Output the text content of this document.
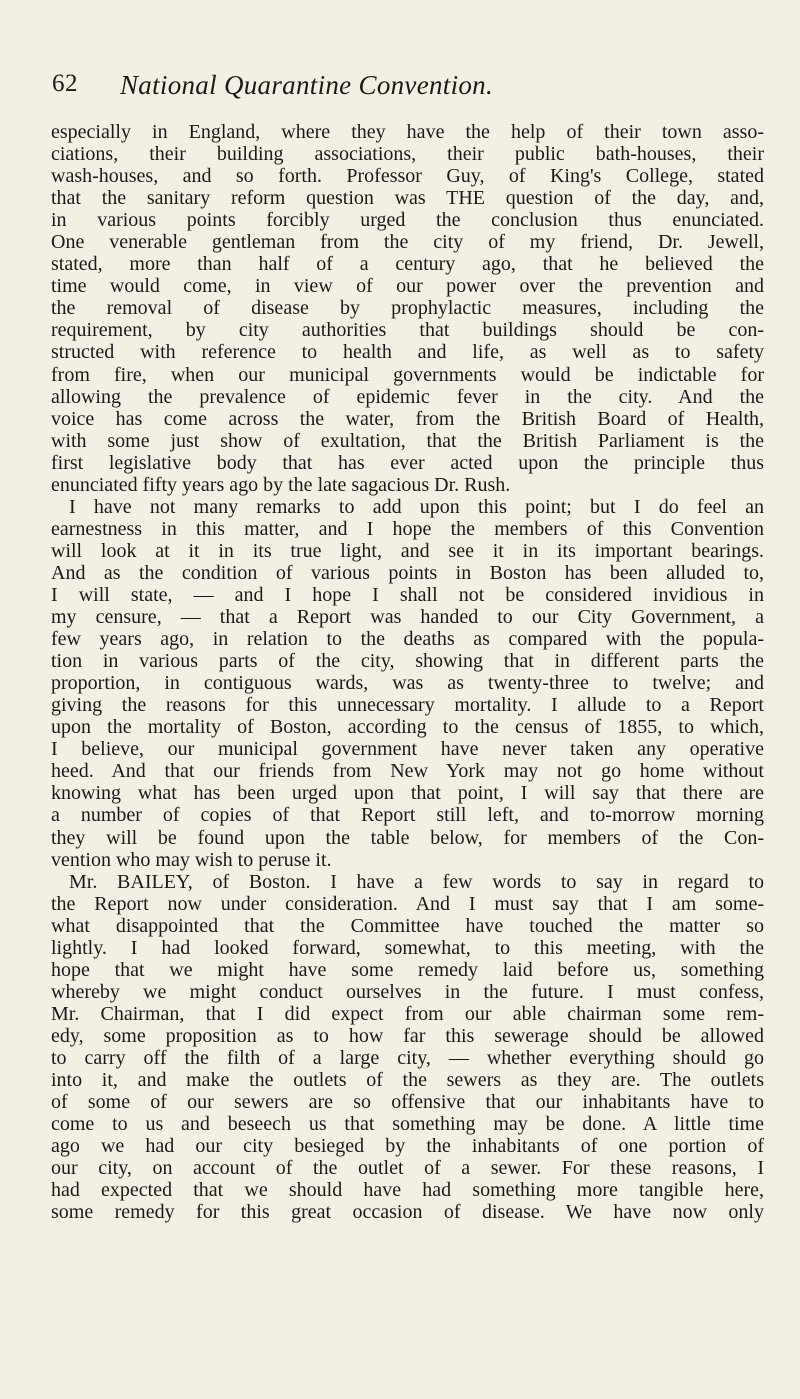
62 National Quarantine Convention.
especially in England, where they have the help of their town asso-
ciations, their building associations, their public bath-houses, their
wash-houses, and so forth. Professor Guy, of King's College, stated
that the sanitary reform question was THE question of the day, and,
in various points forcibly urged the conclusion thus enunciated.
One venerable gentleman from the city of my friend, Dr. Jewell,
stated, more than half of a century ago, that he believed the
time would come, in view of our power over the prevention and
the removal of disease by prophylactic measures, including the
requirement, by city authorities that buildings should be con-
structed with reference to health and life, as well as to safety
from fire, when our municipal governments would be indictable for
allowing the prevalence of epidemic fever in the city. And the
voice has come across the water, from the British Board of Health,
with some just show of exultation, that the British Parliament is the
first legislative body that has ever acted upon the principle thus
enunciated fifty years ago by the late sagacious Dr. Rush.
I have not many remarks to add upon this point; but I do feel an
earnestness in this matter, and I hope the members of this Convention
will look at it in its true light, and see it in its important bearings.
And as the condition of various points in Boston has been alluded to,
I will state, — and I hope I shall not be considered invidious in
my censure, — that a Report was handed to our City Government, a
few years ago, in relation to the deaths as compared with the popula-
tion in various parts of the city, showing that in different parts the
proportion, in contiguous wards, was as twenty-three to twelve; and
giving the reasons for this unnecessary mortality. I allude to a Report
upon the mortality of Boston, according to the census of 1855, to which,
I believe, our municipal government have never taken any operative
heed. And that our friends from New York may not go home without
knowing what has been urged upon that point, I will say that there are
a number of copies of that Report still left, and to-morrow morning
they will be found upon the table below, for members of the Con-
vention who may wish to peruse it.
Mr. BAILEY, of Boston. I have a few words to say in regard to
the Report now under consideration. And I must say that I am some-
what disappointed that the Committee have touched the matter so
lightly. I had looked forward, somewhat, to this meeting, with the
hope that we might have some remedy laid before us, something
whereby we might conduct ourselves in the future. I must confess,
Mr. Chairman, that I did expect from our able chairman some rem-
edy, some proposition as to how far this sewerage should be allowed
to carry off the filth of a large city, — whether everything should go
into it, and make the outlets of the sewers as they are. The outlets
of some of our sewers are so offensive that our inhabitants have to
come to us and beseech us that something may be done. A little time
ago we had our city besieged by the inhabitants of one portion of
our city, on account of the outlet of a sewer. For these reasons, I
had expected that we should have had something more tangible here,
some remedy for this great occasion of disease. We have now only
